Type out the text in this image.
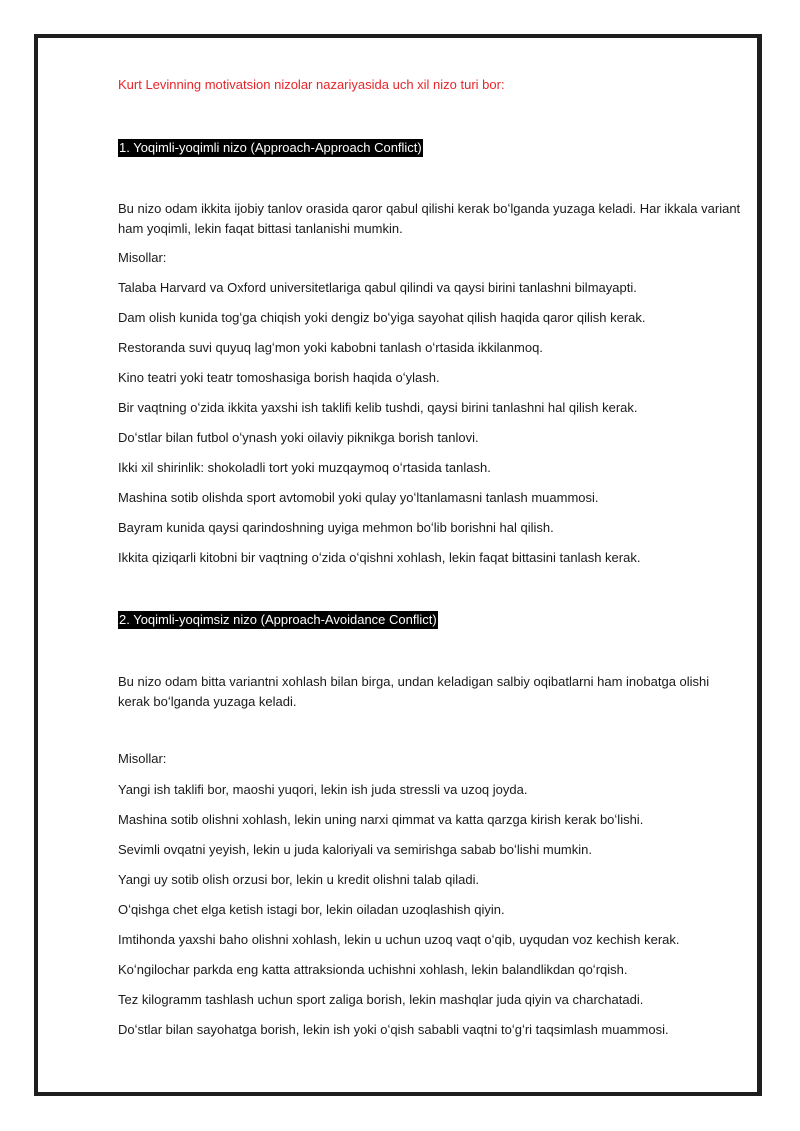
Kurt Levinning motivatsion nizolar nazariyasida uch xil nizo turi bor:
1. Yoqimli-yoqimli nizo (Approach-Approach Conflict)
Bu nizo odam ikkita ijobiy tanlov orasida qaror qabul qilishi kerak boʻlganda yuzaga keladi. Har ikkala variant ham yoqimli, lekin faqat bittasi tanlanishi mumkin.
Misollar:
Talaba Harvard va Oxford universitetlariga qabul qilindi va qaysi birini tanlashni bilmayapti.
Dam olish kunida togʻga chiqish yoki dengiz boʻyiga sayohat qilish haqida qaror qilish kerak.
Restoranda suvi quyuq lagʻmon yoki kabobni tanlash oʻrtasida ikkilanmoq.
Kino teatri yoki teatr tomoshasiga borish haqida oʻylash.
Bir vaqtning oʻzida ikkita yaxshi ish taklifi kelib tushdi, qaysi birini tanlashni hal qilish kerak.
Doʻstlar bilan futbol oʻynash yoki oilaviy piknikga borish tanlovi.
Ikki xil shirinlik: shokoladli tort yoki muzqaymoq oʻrtasida tanlash.
Mashina sotib olishda sport avtomobil yoki qulay yoʻltanlamasni tanlash muammosi.
Bayram kunida qaysi qarindoshning uyiga mehmon boʻlib borishni hal qilish.
Ikkita qiziqarli kitobni bir vaqtning oʻzida oʻqishni xohlash, lekin faqat bittasini tanlash kerak.
2. Yoqimli-yoqimsiz nizo (Approach-Avoidance Conflict)
Bu nizo odam bitta variantni xohlash bilan birga, undan keladigan salbiy oqibatlarni ham inobatga olishi kerak boʻlganda yuzaga keladi.
Misollar:
Yangi ish taklifi bor, maoshi yuqori, lekin ish juda stressli va uzoq joyda.
Mashina sotib olishni xohlash, lekin uning narxi qimmat va katta qarzga kirish kerak boʻlishi.
Sevimli ovqatni yeyish, lekin u juda kaloriyali va semirishga sabab boʻlishi mumkin.
Yangi uy sotib olish orzusi bor, lekin u kredit olishni talab qiladi.
Oʻqishga chet elga ketish istagi bor, lekin oiladan uzoqlashish qiyin.
Imtihonda yaxshi baho olishni xohlash, lekin u uchun uzoq vaqt oʻqib, uyqudan voz kechish kerak.
Koʻngilochar parkda eng katta attraksionda uchishni xohlash, lekin balandlikdan qoʻrqish.
Tez kilogramm tashlash uchun sport zaliga borish, lekin mashqlar juda qiyin va charchatadi.
Doʻstlar bilan sayohatga borish, lekin ish yoki oʻqish sababli vaqtni toʻgʻri taqsimlash muammosi.
